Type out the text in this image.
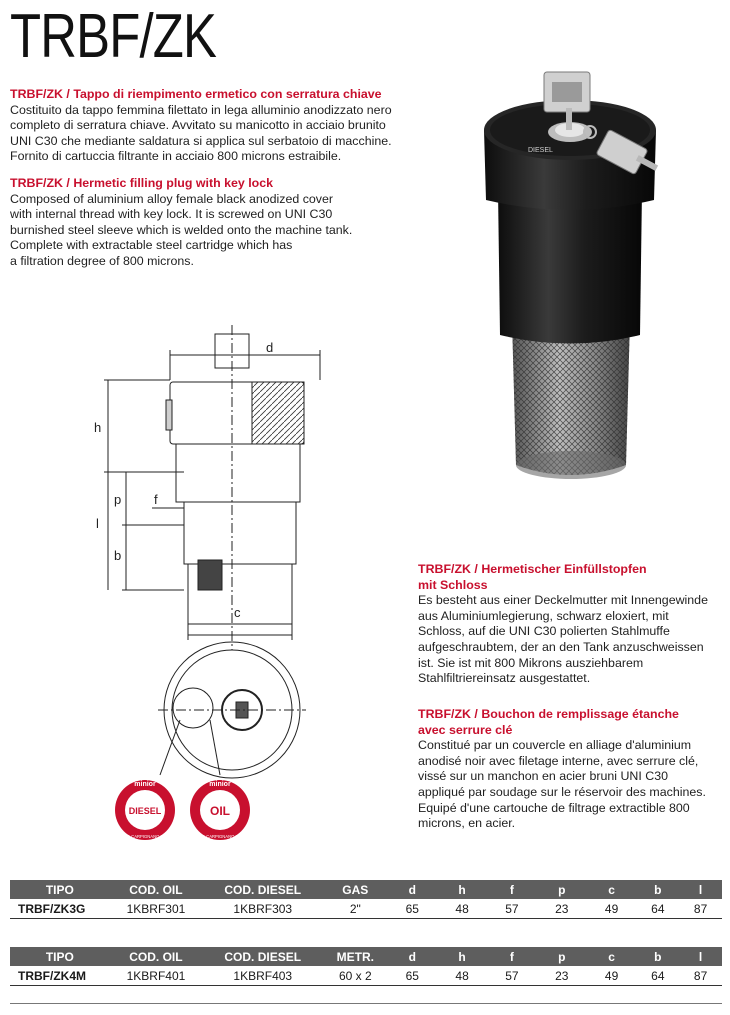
TRBF/ZK
TRBF/ZK / Tappo di riempimento ermetico con serratura chiave
Costituito da tappo femmina filettato in lega alluminio anodizzato nero
completo di serratura chiave. Avvitato su manicotto in acciaio brunito
UNI C30 che mediante saldatura si applica sul serbatoio di macchine.
Fornito di cartuccia filtrante in acciaio 800 microns estraibile.
TRBF/ZK / Hermetic filling plug with key lock
Composed of aluminium alloy female black anodized cover
with internal thread with key lock. It is screwed on UNI C30
burnished steel sleeve which is welded onto the machine tank.
Complete with extractable steel cartridge which has
a filtration degree of 800 microns.
DIESEL
d
h
p
l
f
b
c
DIESEL
minior
CURA CARPIGNANO ITALY
OIL
minior
CURA CARPIGNANO ITALY
TRBF/ZK / Hermetischer Einfüllstopfen
mit Schloss
Es besteht aus einer Deckelmutter mit Innengewinde
aus Aluminiumlegierung, schwarz eloxiert, mit
Schloss, auf die UNI C30 polierten Stahlmuffe
aufgeschraubtem, der an den Tank anzuschweissen
ist. Sie ist mit 800 Mikrons ausziehbarem
Stahlfiltriereinsatz ausgestattet.
TRBF/ZK / Bouchon de remplissage étanche
avec serrure clé
Constitué par un couvercle en alliage d'aluminium
anodisé noir avec filetage interne, avec serrure clé,
vissé sur un manchon en acier bruni UNI C30
appliqué par soudage sur le réservoir des machines.
Equipé d'une cartouche de filtrage extractible 800
microns, en acier.
TIPO	COD. OIL	COD. DIESEL	GAS	d	h	f	p	c	b	l
TRBF/ZK3G	1KBRF301	1KBRF303	2"	65	48	57	23	49	64	87
TIPO	COD. OIL	COD. DIESEL	METR.	d	h	f	p	c	b	l
TRBF/ZK4M	1KBRF401	1KBRF403	60 x 2	65	48	57	23	49	64	87
